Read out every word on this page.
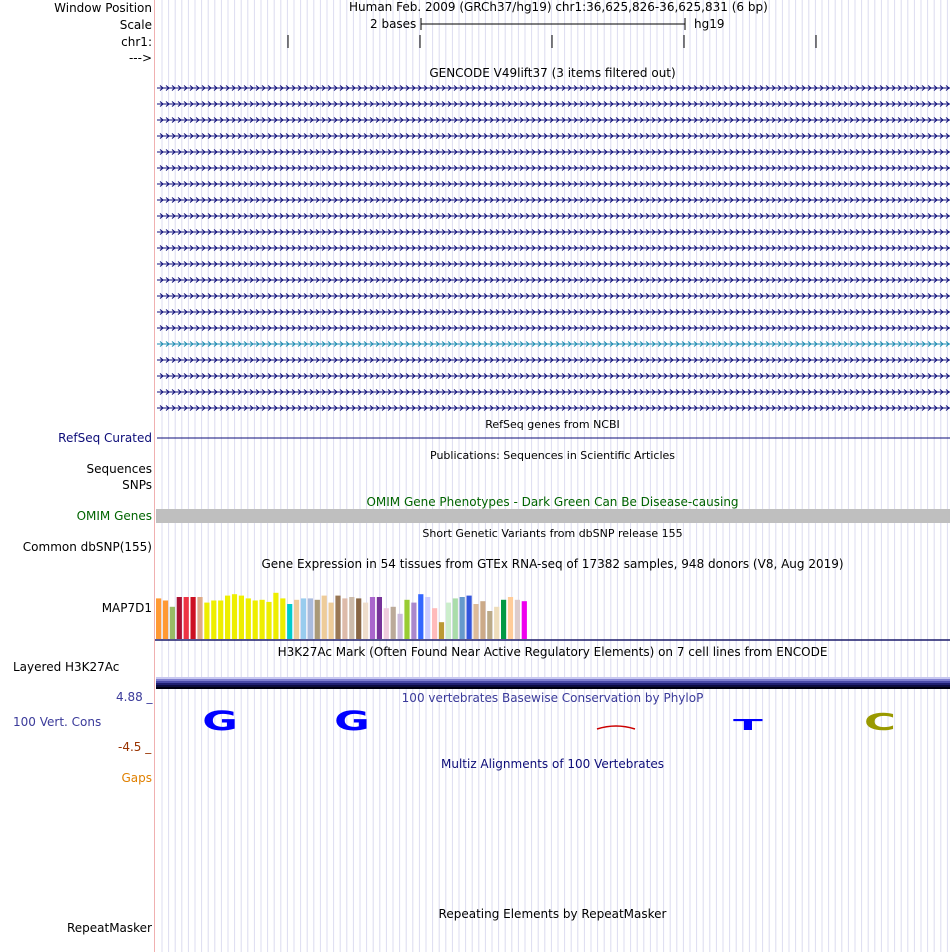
G	G	T	C
Window Position
Scale
chr1:
--->
Human Feb. 2009 (GRCh37/hg19) chr1:36,625,826-36,625,831 (6 bp)
2 bases	hg19
GENCODE V49lift37 (3 items filtered out)
RefSeq genes from NCBI
RefSeq Curated
Publications: Sequences in Scientific Articles
Sequences
SNPs
OMIM Gene Phenotypes - Dark Green Can Be Disease-causing
OMIM Genes
Short Genetic Variants from dbSNP release 155
Common dbSNP(155)
Gene Expression in 54 tissues from GTEx RNA-seq of 17382 samples, 948 donors (V8, Aug 2019)
MAP7D1
H3K27Ac Mark (Often Found Near Active Regulatory Elements) on 7 cell lines from ENCODE
Layered H3K27Ac
100 vertebrates Basewise Conservation by PhyloP
4.88 _
100 Vert. Cons
-4.5 _
Multiz Alignments of 100 Vertebrates
Gaps
Repeating Elements by RepeatMasker
RepeatMasker
